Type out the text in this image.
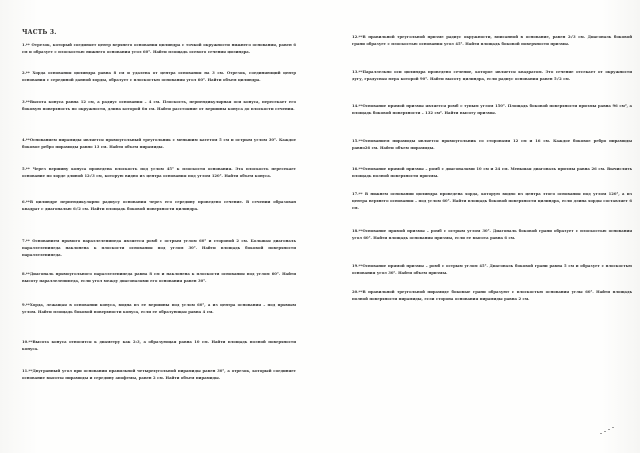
ЧАСТЬ 3.
1.** Отрезок, который соединяет центр верхнего основания цилиндра с точкой окружности нижнего основания, равен 6 см и образует с плоскостью нижнего основания угол 60°. Найти площадь осевого сечения цилиндра.
2.** Хорда основания цилиндра равна 8 см и удалена от центра основания на 3 см. Отрезок, соединяющий центр основания с серединой данной хорды, образует с плоскостью основания угол 60°. Найти объем цилиндра.
3.**Высота конуса равна 12 см, а радиус основания – 4 см. Плоскость, перпендикулярная оси конуса, пересекает его боковую поверхность по окружности, длина которой 6π см. Найти расстояние от вершины конуса до плоскости сечения.
4.**Основанием пирамиды является прямоугольный треугольник с меньшим катетом 5 см и острым углом 30°. Каждое боковое ребро пирамиды равно 13 см. Найти объем пирамиды.
5.** Через вершину конуса проведена плоскость под углом 45° к плоскости основания. Эта плоскость пересекает основание по хорде длиной 12√3 см, которую видно из центра основания под углом 120°. Найти объем конуса.
6.**В цилиндре перпендикулярно радиусу основания через его середину проведено сечение. В сечении образован квадрат с диагональю 6√2 см. Найти площадь боковой поверхности цилиндра.
7.** Основанием прямого параллелепипеда является ромб с острым углом 60° и стороной 2 см. Большая диагональ параллелепипеда наклонена к плоскости основания под углом 30°. Найти площадь боковой поверхности параллелепипеда.
8.**Диагональ прямоугольного параллелепипеда равна 8 см и наклонена к плоскости основания под углом 60°. Найти высоту параллелепипеда, если угол между диагоналями его основания равен 30°.
9.**Хорда, лежащая в основании конуса, видна из ее вершины под углом 60°, а из центра основания – под прямым углом. Найти площадь боковой поверхности конуса, если ее образующая равна 4 см.
10.**Высота конуса относится к диаметру как 2:3, а образующая равна 10 см. Найти площадь полной поверхности конуса.
11.**Двугранный угол при основании правильной четырехугольной пирамиды равен 30°, а отрезок, который соединяет основание высоты пирамиды и середину апофемы, равен 2 см. Найти объем пирамиды.
12.**В правильной треугольной призме радиус окружности, вписанной в основание, равен 2√3 см. Диагональ боковой грани образует с плоскостью основания угол 45°. Найти площадь боковой поверхности призмы.
13.**Параллельно оси цилиндра проведено сечение, которое является квадратом. Это сечение отсекает от окружности дугу, градусная мера которой 90°. Найти высоту цилиндра, если радиус основания равен 5√2 см.
14.**Основание прямой призмы является ромб с тупым углом 150°. Площадь боковой поверхности призмы равна 96 см², а площадь боковой поверхности – 132 см². Найти высоту призмы.
15.**Основанием пирамиды является прямоугольник со сторонами 12 см и 16 см. Каждое боковое ребро пирамиды равно26 см. Найти объем пирамиды.
16.**Основание прямой призмы – ромб с диагоналями 10 см и 24 см. Меньшая диагональ призмы равна 26 см. Вычислить площадь полной поверхности призмы.
17.** В нижнем основании цилиндра проведена хорда, которую видно из центра этого основания под углом 120°, а из центра верхнего основания – под углом 60°. Найти площадь боковой поверхности цилиндра, если длина хорды составляет 6 см.
18.**Основание прямой призмы – ромб с острым углом 30°. Диагональ боковой грани образует с плоскостью основания угол 60°. Найти площадь основания призмы, если ее высота равна 6 см.
19.**Основание прямой призмы – ромб с острым углом 45°. Диагональ боковой грани равна 5 см и образует с плоскостью основания угол 30°. Найти объем призмы.
20.**В правильной треугольной пирамиде боковые грани образуют с плоскостью основания углы 60°. Найти площадь полной поверхности пирамиды, если сторона основания пирамиды равна 2 см.
